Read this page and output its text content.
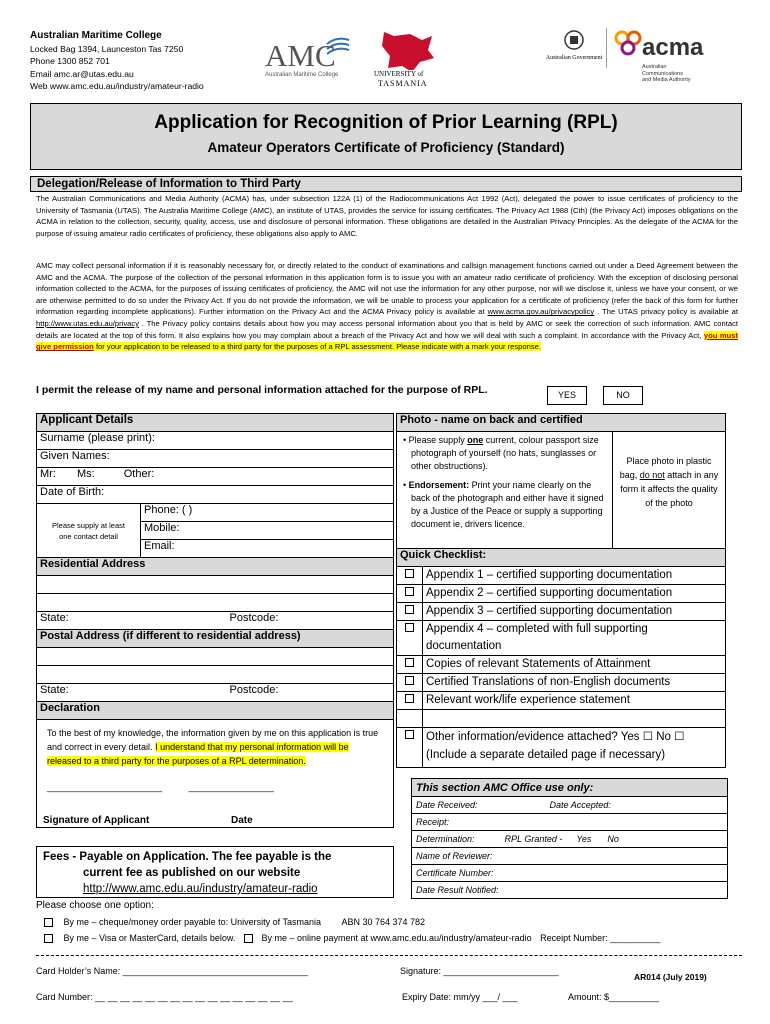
Australian Maritime College
Locked Bag 1394, Launceston Tas 7250
Phone 1300 852 701
Email amc.ar@utas.edu.au
Web www.amc.edu.au/industry/amateur-radio
AMC
Australian Maritime College	UNIVERSITY of
TASMANIA
Australian Government acma
Australian
Communications
and Media Authority
Application for Recognition of Prior Learning (RPL)
Amateur Operators Certificate of Proficiency (Standard)
Delegation/Release of Information to Third Party
The Australian Communications and Media Authority (ACMA) has, under subsection 122A (1) of the Radiocommunications Act 1992 (Act), delegated the power to issue certificates of proficiency to the University of Tasmania (UTAS). The Australia Maritime College (AMC), an institute of UTAS, provides the service for issuing certificates. The Privacy Act 1988 (Cth) (the Privacy Act) imposes obligations on the ACMA in relation to the collection, security, quality, access, use and disclosure of personal information. These obligations are detailed in the Australian Privacy Principles. As the delegate of the ACMA for the purpose of issuing amateur radio certificates of proficiency, these obligations also apply to AMC.
AMC may collect personal information if it is reasonably necessary for, or directly related to the conduct of examinations and callsign management functions carried out under a Deed Agreement between the AMC and the ACMA. The purpose of the collection of the personal information in this application form is to issue you with an amateur radio certificate of proficiency. With the exception of disclosing personal information collected to the ACMA, for the purposes of issuing certificates of proficiency, the AMC will not use the information for any other purpose, nor will we disclose it, unless we have your consent, or we are otherwise permitted to do so under the Privacy Act. If you do not provide the information, we will be unable to process your application for a certificate of proficiency (refer the back of this form for further information regarding incomplete applications). Further information on the Privacy Act and the ACMA Privacy policy is available at www.acma.gov.au/privacypolicy . The UTAS privacy policy is available at http://www.utas.edu.au/privacy . The Privacy policy contains details about how you may access personal information about you that is held by AMC or seek the correction of such information. AMC contact details are located at the top of this form. It also explains how you may complain about a breach of the Privacy Act and how we will deal with such a complaint. In accordance with the Privacy Act, you must give permission for your application to be released to a third party for the purposes of a RPL assessment. Please indicate with a mark your response.
I permit the release of my name and personal information attached for the purpose of RPL.	YES	NO
Applicant Details
Surname (please print):
Given Names:
Mr: Ms:	Other:
Date of Birth:
Please supply at least one contact detail	Phone: ( )
Mobile:
Email:
Residential Address

State:	Postcode:

Postal Address (if different to residential address)

State:	Postcode:

Declaration
To the best of my knowledge, the information given by me on this application is true and correct in every detail. I understand that my personal information will be released to a third party for the purposes of a RPL determination.
_______________________	_________________
Signature of Applicant	Date
Photo - name on back and certified

• Please supply one current, colour passport size photograph of yourself (no hats, sunglasses or other obstructions).
• Endorsement: Print your name clearly on the back of the photograph and either have it signed by a Justice of the Peace or supply a supporting document ie, drivers licence.
	Place photo in plastic bag, do not attach in any form it affects the quality of the photo
Quick Checklist:	
	Appendix 1 – certified supporting documentation
	Appendix 2 – certified supporting documentation
	Appendix 3 – certified supporting documentation
	Appendix 4 – completed with full supporting documentation
	Copies of relevant Statements of Attainment
	Certified Translations of non-English documents
	Relevant work/life experience statement

	Other information/evidence attached? Yes ☐ No ☐
(Include a separate detailed page if necessary)
This section AMC Office use only:
Date Received:	Date Accepted:
Receipt:
Determination:	RPL Granted - Yes No
Name of Reviewer:
Certificate Number:
Date Result Notified:
Fees - Payable on Application. The fee payable is the
current fee as published on our website
http://www.amc.edu.au/industry/amateur-radio
Please choose one option:
By me – cheque/money order payable to: University of Tasmania ABN 30 764 374 782
By me – Visa or MasterCard, details below.	By me – online payment at www.amc.edu.au/industry/amateur-radio Receipt Number: __________
Card Holder’s Name: _____________________________________	Signature: _______________________
AR014 (July 2019)
Card Number: __ __ __ __ __ __ __ __ __ __ __ __ __ __ __ __	Expiry Date: mm/yy ___/ ___	Amount: $__________
